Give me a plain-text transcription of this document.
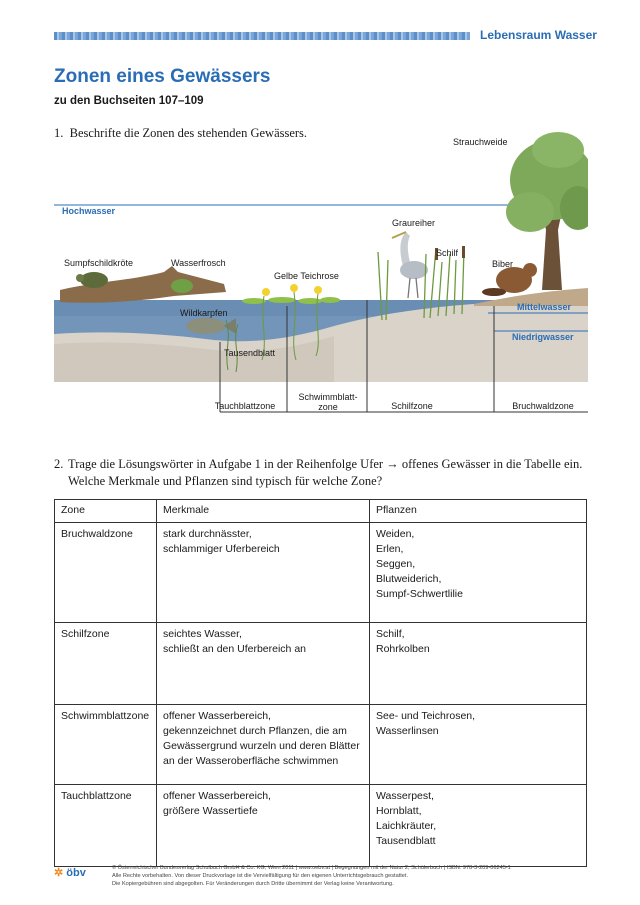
Lebensraum Wasser
Zonen eines Gewässers
zu den Buchseiten 107–109
1. Beschrifte die Zonen des stehenden Gewässers.
Strauchweide
Hochwasser
Graureiher
Schilf
Sumpfschildkröte	Wasserfrosch	Biber
Gelbe Teichrose
Mittelwasser
Wildkarpfen
Niedrigwasser
Tausendblatt
Tauchblattzone
Schwimmblatt-
zone	Schilfzone	Bruchwaldzone
2. Trage die Lösungswörter in Aufgabe 1 in der Reihenfolge Ufer → offenes Gewässer in die Tabelle ein.
Welche Merkmale und Pflanzen sind typisch für welche Zone?
Zone	Merkmale	Pflanzen
Bruchwaldzone	stark durchnässter,
schlammiger Uferbereich	Weiden,
Erlen,
Seggen,
Blutweiderich,
Sumpf-Schwertlilie

Schilfzone	seichtes Wasser,
schließt an den Uferbereich an	Schilf,
Rohrkolben

Schwimmblattzone	offener Wasserbereich,
gekennzeichnet durch Pflanzen, die am
Gewässergrund wurzeln und deren Blätter
an der Wasseroberfläche schwimmen	See- und Teichrosen,
Wasserlinsen

Tauchblattzone	offener Wasserbereich,
größere Wassertiefe	Wasserpest,
Hornblatt,
Laichkräuter,
Tausendblatt
✲ öbv	© Österreichischer Bundesverlag Schulbuch GmbH & Co. KG, Wien 2011 | www.oebv.at | Begegnungen mit der Natur 2, Schülerbuch | ISBN: 978-3-209-06245-1
Alle Rechte vorbehalten. Von dieser Druckvorlage ist die Vervielfältigung für den eigenen Unterrichtsgebrauch gestattet.
Die Kopiergebühren sind abgegolten. Für Veränderungen durch Dritte übernimmt der Verlag keine Verantwortung.
